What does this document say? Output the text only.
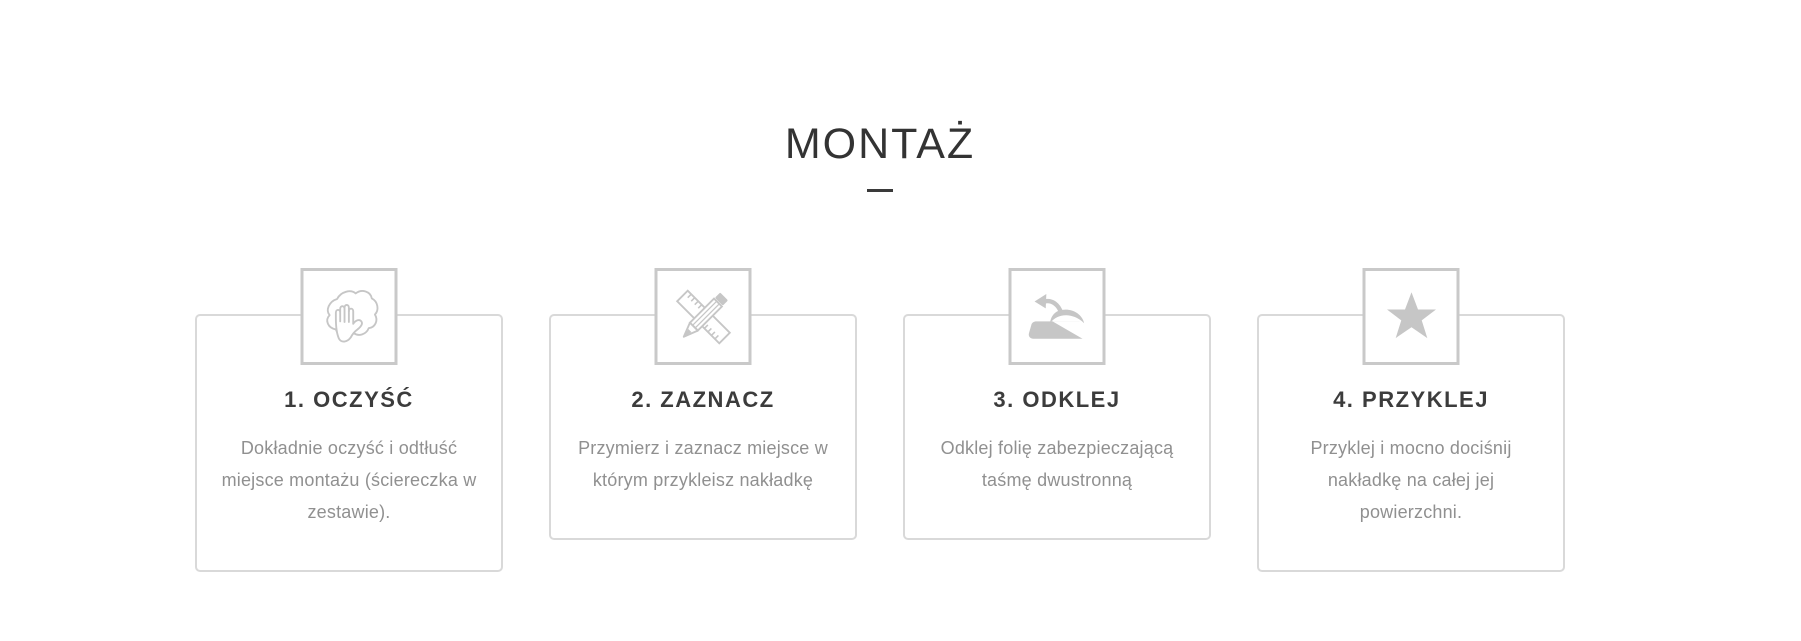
MONTAŻ
1. OCZYŚĆ

Dokładnie oczyść i odtłuść
miejsce montażu (ściereczka w
zestawie).

2. ZAZNACZ

Przymierz i zaznacz miejsce w
którym przykleisz nakładkę

3. ODKLEJ

Odklej folię zabezpieczającą
taśmę dwustronną

4. PRZYKLEJ

Przyklej i mocno dociśnij
nakładkę na całej jej
powierzchni.
